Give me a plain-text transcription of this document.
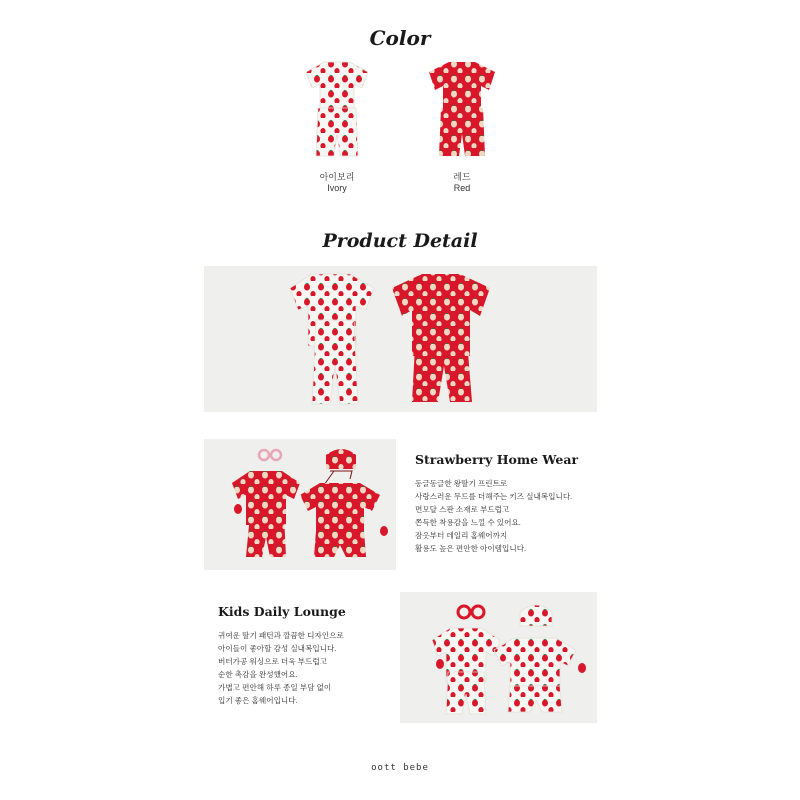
Color
아이보리
Ivory
레드
Red
Product Detail
Strawberry Home Wear
동글동글한 왕딸기 프린트로
사랑스러운 무드를 더해주는 키즈 실내복입니다.
면모달 스판 소재로 부드럽고
쫀득한 착용감을 느낄 수 있어요.
잠옷부터 데일리 홈웨어까지
활용도 높은 편안한 아이템입니다.
Kids Daily Lounge
귀여운 딸기 패턴과 깔끔한 디자인으로
아이들이 좋아할 감성 실내복입니다.
버터가공 워싱으로 더욱 부드럽고
순한 촉감을 완성했어요.
가볍고 편안해 하루 종일 부담 없이
입기 좋은 홈웨어입니다.
oott bebe
